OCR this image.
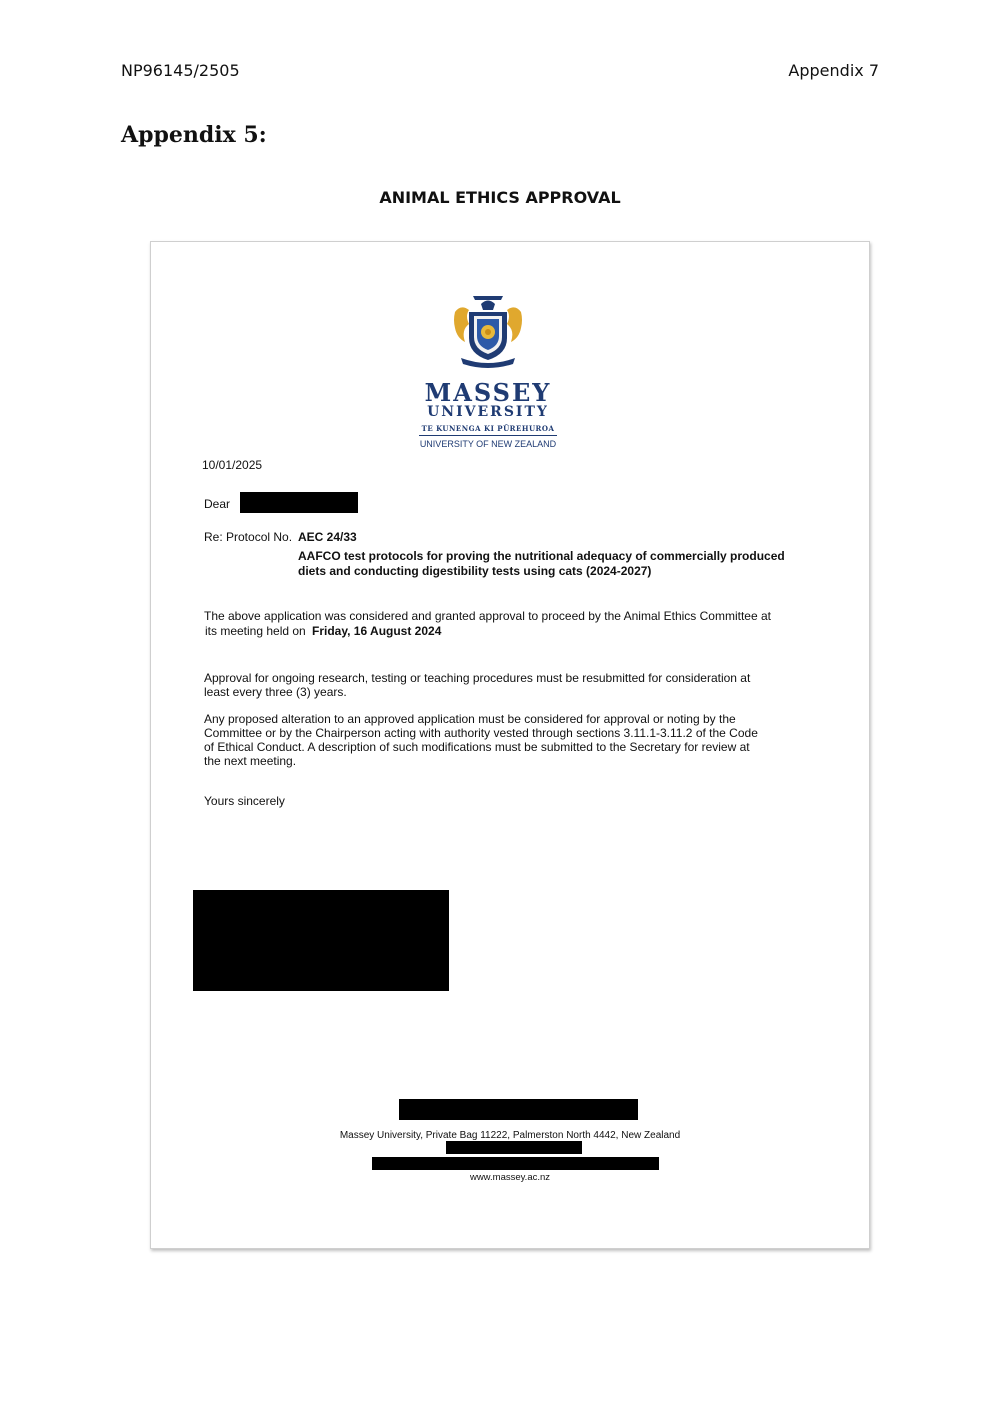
NP96145/2505	Appendix 7
Appendix 5:
ANIMAL ETHICS APPROVAL
MASSEY
UNIVERSITY
TE KUNENGA KI PŪREHUROA
UNIVERSITY OF NEW ZEALAND
10/01/2025
Dear
Re: Protocol No. AEC 24/33
AAFCO test protocols for proving the nutritional adequacy of commercially produced
diets and conducting digestibility tests using cats (2024-2027)
The above application was considered and granted approval to proceed by the Animal Ethics Committee at
its meeting held on Friday, 16 August 2024
Approval for ongoing research, testing or teaching procedures must be resubmitted for consideration at
least every three (3) years.
Any proposed alteration to an approved application must be considered for approval or noting by the
Committee or by the Chairperson acting with authority vested through sections 3.11.1-3.11.2 of the Code
of Ethical Conduct. A description of such modifications must be submitted to the Secretary for review at
the next meeting.
Yours sincerely
Massey University, Private Bag 11222, Palmerston North 4442, New Zealand
www.massey.ac.nz
